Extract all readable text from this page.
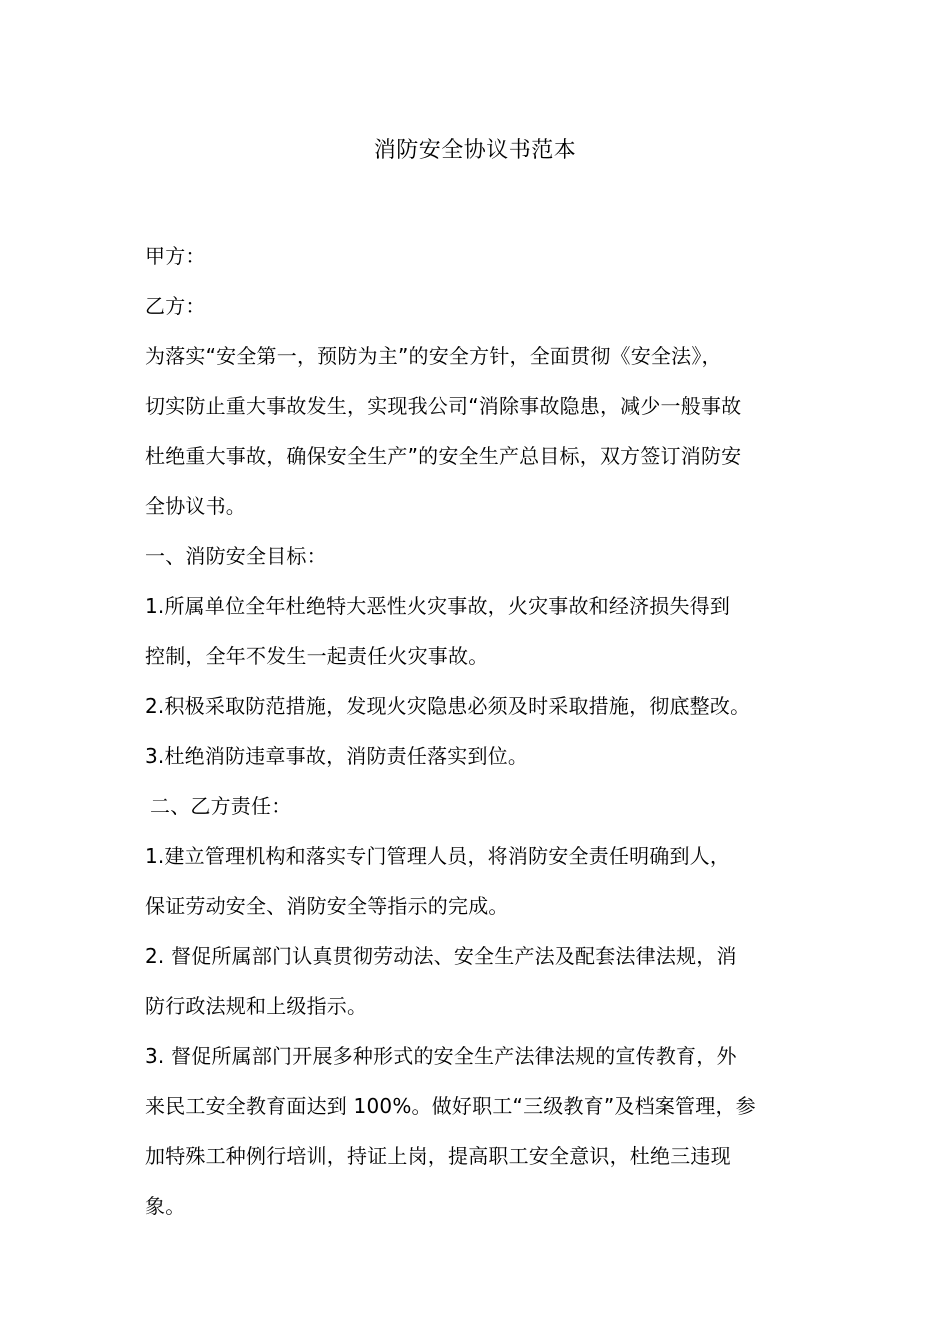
消防安全协议书范本
甲方：
乙方：
为落实“安全第一，预防为主”的安全方针，全面贯彻《安全法》，
切实防止重大事故发生，实现我公司“消除事故隐患，减少一般事故
杜绝重大事故，确保安全生产”的安全生产总目标，双方签订消防安
全协议书。
一、消防安全目标：
1.所属单位全年杜绝特大恶性火灾事故，火灾事故和经济损失得到
控制，全年不发生一起责任火灾事故。
2.积极采取防范措施，发现火灾隐患必须及时采取措施，彻底整改。
3.杜绝消防违章事故，消防责任落实到位。
二、乙方责任：
1.建立管理机构和落实专门管理人员，将消防安全责任明确到人，
保证劳动安全、消防安全等指示的完成。
2. 督促所属部门认真贯彻劳动法、安全生产法及配套法律法规，消
防行政法规和上级指示。
3. 督促所属部门开展多种形式的安全生产法律法规的宣传教育，外
来民工安全教育面达到 100%。做好职工“三级教育”及档案管理，参
加特殊工种例行培训，持证上岗，提高职工安全意识，杜绝三违现
象。
